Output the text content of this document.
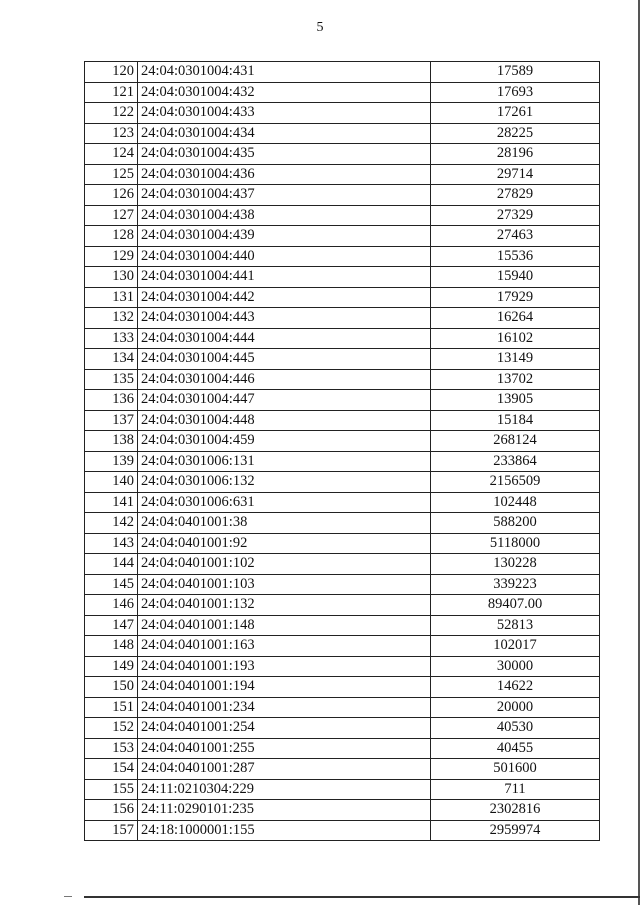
5
120	24:04:0301004:431	17589
121	24:04:0301004:432	17693
122	24:04:0301004:433	17261
123	24:04:0301004:434	28225
124	24:04:0301004:435	28196
125	24:04:0301004:436	29714
126	24:04:0301004:437	27829
127	24:04:0301004:438	27329
128	24:04:0301004:439	27463
129	24:04:0301004:440	15536
130	24:04:0301004:441	15940
131	24:04:0301004:442	17929
132	24:04:0301004:443	16264
133	24:04:0301004:444	16102
134	24:04:0301004:445	13149
135	24:04:0301004:446	13702
136	24:04:0301004:447	13905
137	24:04:0301004:448	15184
138	24:04:0301004:459	268124
139	24:04:0301006:131	233864
140	24:04:0301006:132	2156509
141	24:04:0301006:631	102448
142	24:04:0401001:38	588200
143	24:04:0401001:92	5118000
144	24:04:0401001:102	130228
145	24:04:0401001:103	339223
146	24:04:0401001:132	89407.00
147	24:04:0401001:148	52813
148	24:04:0401001:163	102017
149	24:04:0401001:193	30000
150	24:04:0401001:194	14622
151	24:04:0401001:234	20000
152	24:04:0401001:254	40530
153	24:04:0401001:255	40455
154	24:04:0401001:287	501600
155	24:11:0210304:229	711
156	24:11:0290101:235	2302816
157	24:18:1000001:155	2959974
